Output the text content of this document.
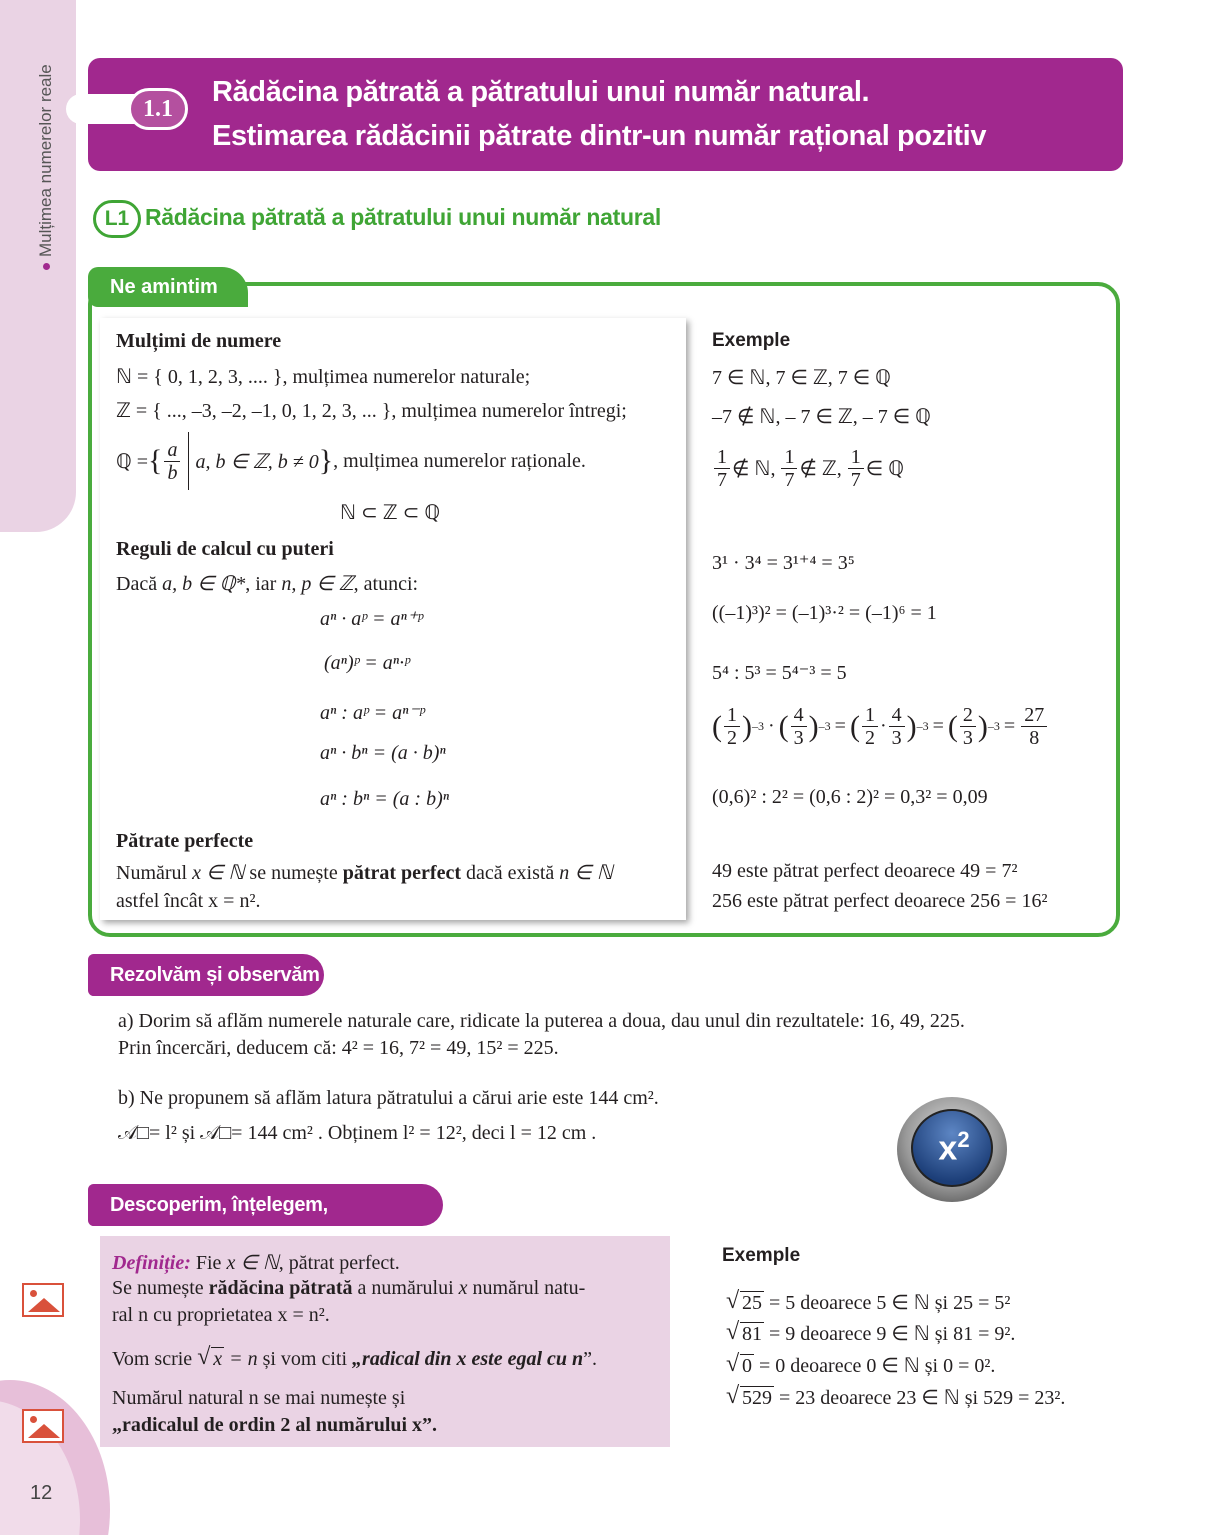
Mulțimea numerelor reale	1.1
Rădăcina pătrată a pătratului unui număr natural.
Estimarea rădăcinii pătrate dintr-un număr rațional pozitiv
L1 Rădăcina pătrată a pătratului unui număr natural
Ne amintim
Mulțimi de numere
ℕ = { 0, 1, 2, 3, .... }, mulțimea numerelor naturale;
ℤ = { ..., –3, –2, –1, 0, 1, 2, 3, ... }, mulțimea numerelor întregi;
ℚ = { $\frac{a}{b} a$, b ∈ ℤ, b ≠ 0 } , mulțimea numerelor raționale.
ℕ ⊂ ℤ ⊂ ℚ
Reguli de calcul cu puteri
Dacă a, b ∈ ℚ*, iar n, p ∈ ℤ, atunci:
aⁿ · aᵖ = aⁿ⁺ᵖ
(aⁿ)ᵖ = aⁿ·ᵖ
aⁿ : aᵖ = aⁿ⁻ᵖ
aⁿ · bⁿ = (a · b)ⁿ
aⁿ : bⁿ = (a : b)ⁿ
Pătrate perfecte
Numărul x ∈ ℕ se numește pătrat perfect dacă există n ∈ ℕ
astfel încât x = n².
Exemple
7 ∈ ℕ, 7 ∈ ℤ, 7 ∈ ℚ
–7 ∉ ℕ, – 7 ∈ ℤ, – 7 ∈ ℚ
$\frac{1}{7}$ ∉ ℕ, $\frac{1}{7}$ ∉ ℤ, $\frac{1}{7}$ ∈ ℚ
3¹ · 3⁴ = 3¹⁺⁴ = 3⁵
((–1)³)² = (–1)³·² = (–1)⁶ = 1
5⁴ : 5³ = 5⁴⁻³ = 5
( $\frac{1}{2}$ ) –3 · ( $\frac{4}{3}$ ) –3 = ( $\frac{1}{2} \cdot \frac{4}{3}$ ) –3 = ( $\frac{2}{3}$ ) $-3 = \frac{27}{8}$
(0,6)² : 2² = (0,6 : 2)² = 0,3² = 0,09
49 este pătrat perfect deoarece 49 = 7²
256 este pătrat perfect deoarece 256 = 16²
Rezolvăm și observăm
a) Dorim să aflăm numerele naturale care, ridicate la puterea a doua, dau unul din rezultatele: 16, 49, 225.
Prin încercări, deducem că: 4² = 16, 7² = 49, 15² = 225.
b) Ne propunem să aflăm latura pătratului a cărui arie este 144 cm².
𝒜□= l² și 𝒜□= 144 cm² . Obținem l² = 12², deci l = 12 cm .	$x^2$
Descoperim, înțelegem,
Definiție: Fie x ∈ ℕ, pătrat perfect.
Se numește rădăcina pătrată a numărului x numărul natu-
ral n cu proprietatea x = n².
Vom scrie √ x = n și vom citi „radical din x este egal cu n”.
Numărul natural n se mai numește și
„radicalul de ordin 2 al numărului x”.
Exemple
√ 25 = 5 deoarece 5 ∈ ℕ și 25 = 5²
√ 81 = 9 deoarece 9 ∈ ℕ și 81 = 9².
√ 0 = 0 deoarece 0 ∈ ℕ și 0 = 0².
√ 529 = 23 deoarece 23 ∈ ℕ și 529 = 23².
12
